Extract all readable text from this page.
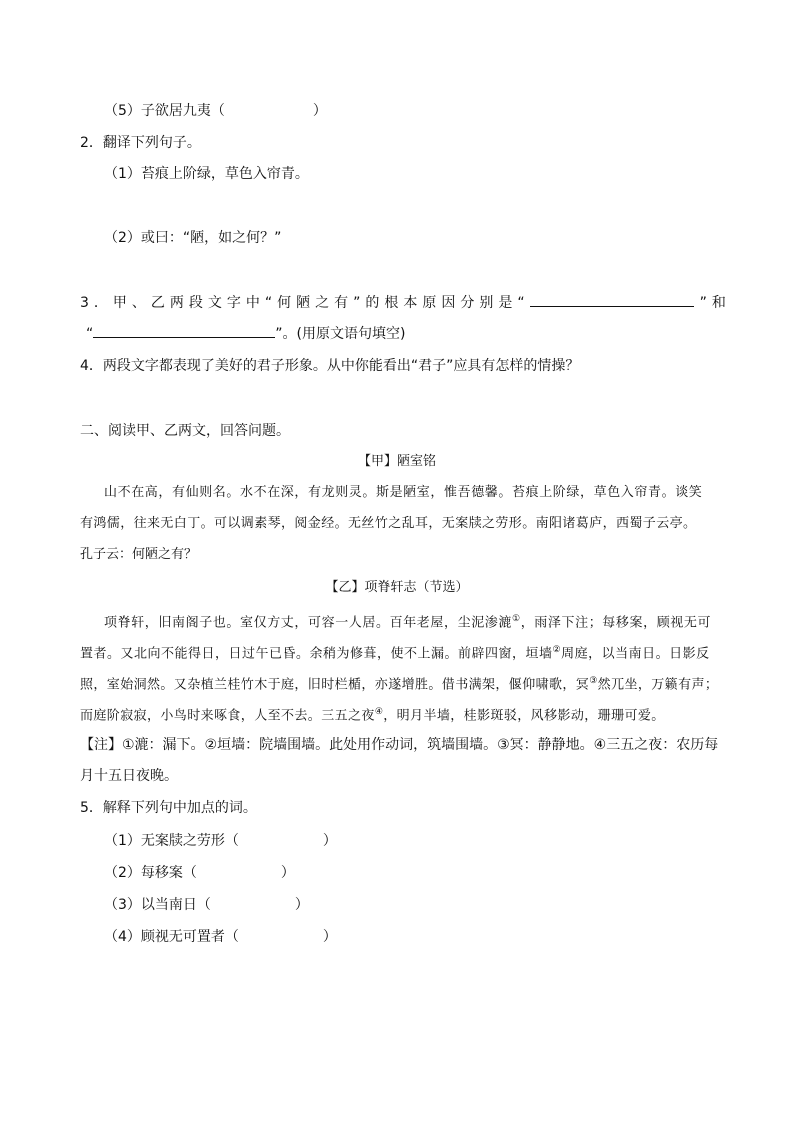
（5）子欲居九夷（	）
2．翻译下列句子。
（1）苔痕上阶绿，草色入帘青。
（2）或曰：“陋，如之何？”
3．甲、乙两段文字中“何陋之有”的根本原因分别是“	”和
“	”。(用原文语句填空)
4．两段文字都表现了美好的君子形象。从中你能看出“君子”应具有怎样的情操？
二、阅读甲、乙两文，回答问题。
【甲】陋室铭
山不在高，有仙则名。水不在深，有龙则灵。斯是陋室，惟吾德馨。苔痕上阶绿，草色入帘青。谈笑
有鸿儒，往来无白丁。可以调素琴，阅金经。无丝竹之乱耳，无案牍之劳形。南阳诸葛庐，西蜀子云亭。
孔子云：何陋之有？
【乙】项脊轩志（节选）
项脊轩，旧南阁子也。室仅方丈，可容一人居。百年老屋，尘泥渗漉①，雨泽下注；每移案，顾视无可
置者。又北向不能得日，日过午已昏。余稍为修葺，使不上漏。前辟四窗，垣墙②周庭，以当南日。日影反
照，室始洞然。又杂植兰桂竹木于庭，旧时栏楯，亦遂增胜。借书满架，偃仰啸歌，冥③然兀坐，万籁有声；
而庭阶寂寂，小鸟时来啄食，人至不去。三五之夜④，明月半墙，桂影斑驳，风移影动，珊珊可爱。
【注】①漉：漏下。②垣墙：院墙围墙。此处用作动词，筑墙围墙。③冥：静静地。④三五之夜：农历每
月十五日夜晚。
5．解释下列句中加点的词。
（1）无案牍之劳形（	）
（2）每移案（	）
（3）以当南日（	）
（4）顾视无可置者（	）
